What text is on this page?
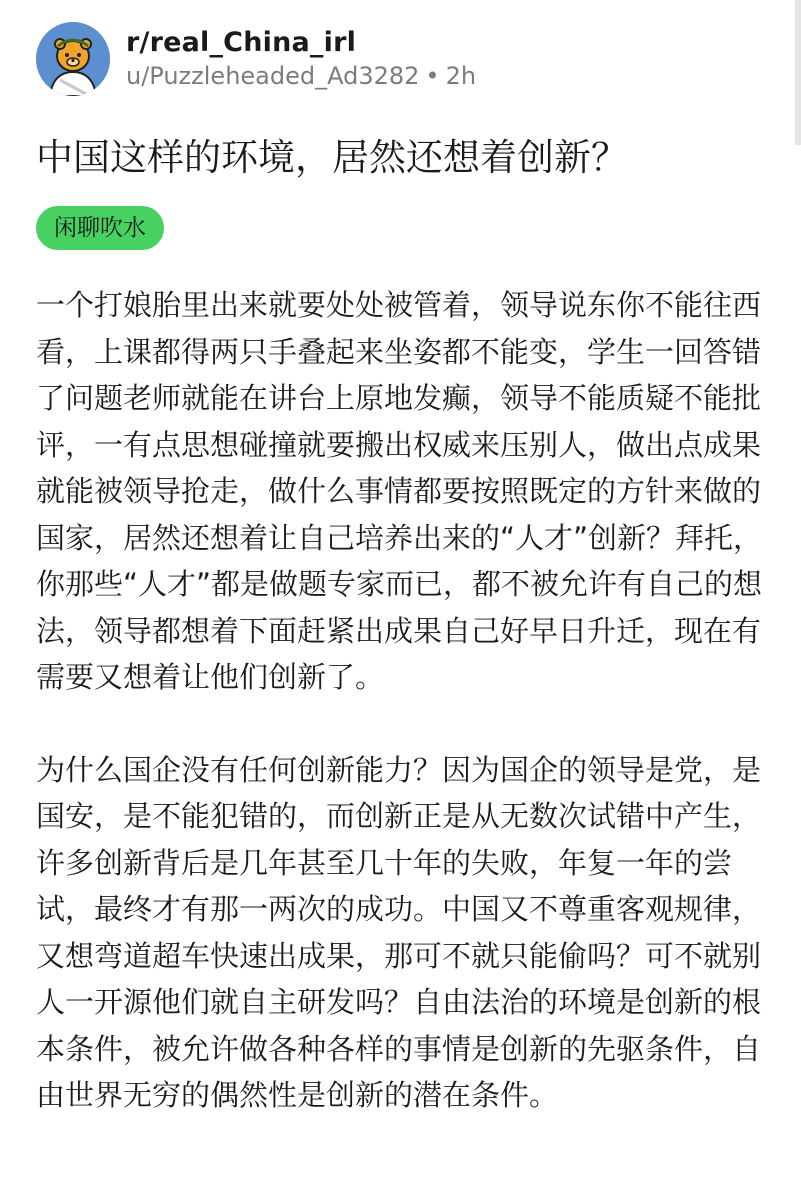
r/real_China_irl
u/Puzzleheaded_Ad3282 • 2h
中国这样的环境，居然还想着创新？
闲聊吹水

一个打娘胎里出来就要处处被管着，领导说东你不能往西看，上课都得两只手叠起来坐姿都不能变，学生一回答错了问题老师就能在讲台上原地发癫，领导不能质疑不能批评，一有点思想碰撞就要搬出权威来压别人，做出点成果就能被领导抢走，做什么事情都要按照既定的方针来做的国家，居然还想着让自己培养出来的“人才”创新？拜托，你那些“人才”都是做题专家而已，都不被允许有自己的想法，领导都想着下面赶紧出成果自己好早日升迁，现在有需要又想着让他们创新了。

为什么国企没有任何创新能力？因为国企的领导是党，是国安，是不能犯错的，而创新正是从无数次试错中产生，许多创新背后是几年甚至几十年的失败，年复一年的尝试，最终才有那一两次的成功。中国又不尊重客观规律，又想弯道超车快速出成果，那可不就只能偷吗？可不就别人一开源他们就自主研发吗？自由法治的环境是创新的根本条件，被允许做各种各样的事情是创新的先驱条件，自由世界无穷的偶然性是创新的潜在条件。
